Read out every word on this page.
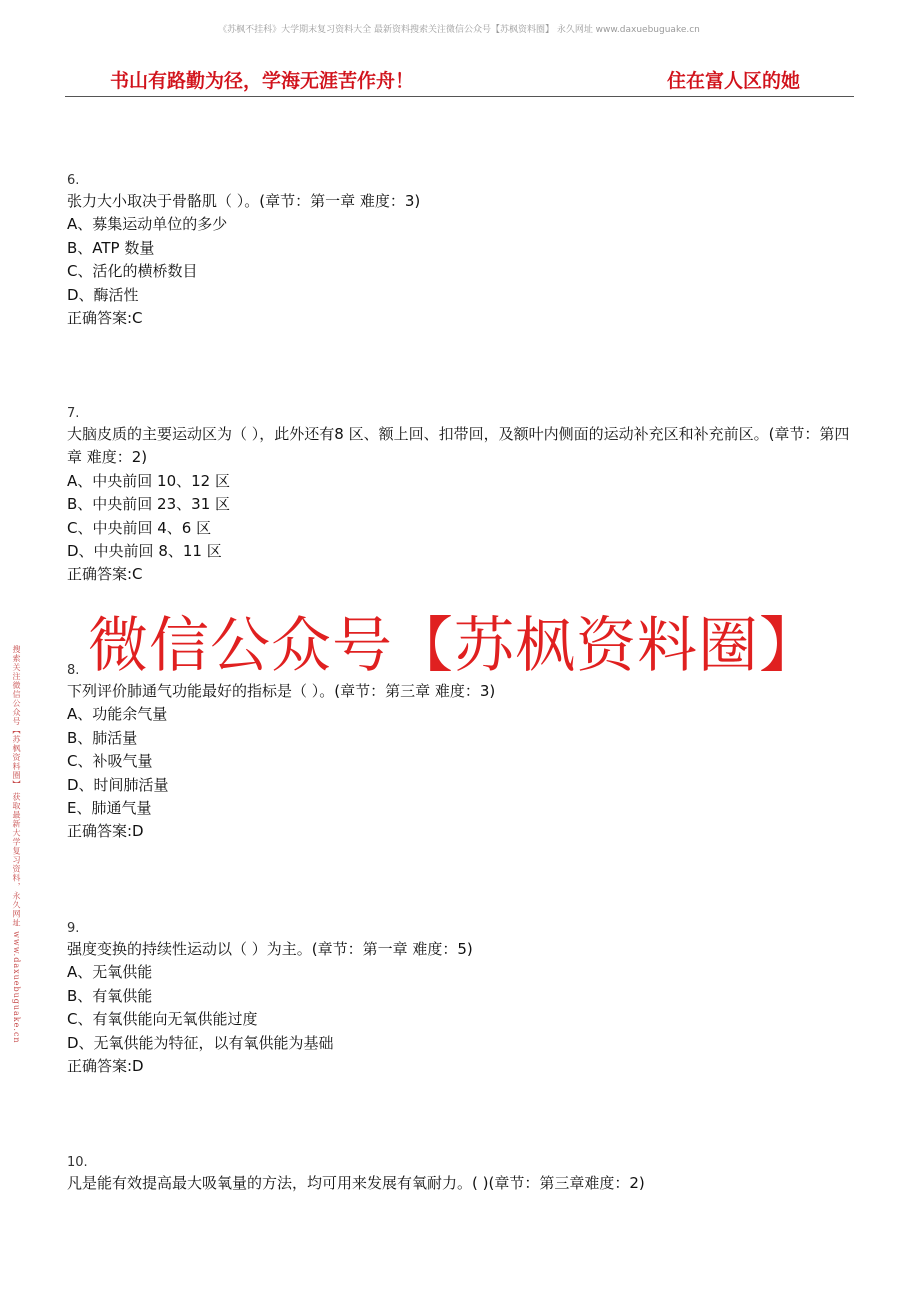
《苏枫不挂科》大学期末复习资料大全 最新资料搜索关注微信公众号【苏枫资料圈】 永久网址 www.daxuebuguake.cn
书山有路勤为径，学海无涯苦作舟！	住在富人区的她
搜索关注微信公众号【苏枫资料圈】 获取最新大学复习资料，永久网址 www.daxuebuguake.cn 微信公众号【苏枫资料圈】
6.
张力大小取决于骨骼肌（ ）。(章节：第一章 难度：3)
A、募集运动单位的多少
B、ATP 数量
C、活化的横桥数目
D、酶活性
正确答案:C
7.
大脑皮质的主要运动区为（ ），此外还有8 区、额上回、扣带回，及额叶内侧面的运动补充区和补充前区。(章节：第四章 难度：2)
A、中央前回 10、12 区
B、中央前回 23、31 区
C、中央前回 4、6 区
D、中央前回 8、11 区
正确答案:C
8.
下列评价肺通气功能最好的指标是（ ）。(章节：第三章 难度：3)
A、功能余气量
B、肺活量
C、补吸气量
D、时间肺活量
E、肺通气量
正确答案:D
9.
强度变换的持续性运动以（ ）为主。(章节：第一章 难度：5)
A、无氧供能
B、有氧供能
C、有氧供能向无氧供能过度
D、无氧供能为特征，以有氧供能为基础
正确答案:D
10.
凡是能有效提高最大吸氧量的方法，均可用来发展有氧耐力。( )(章节：第三章难度：2)
